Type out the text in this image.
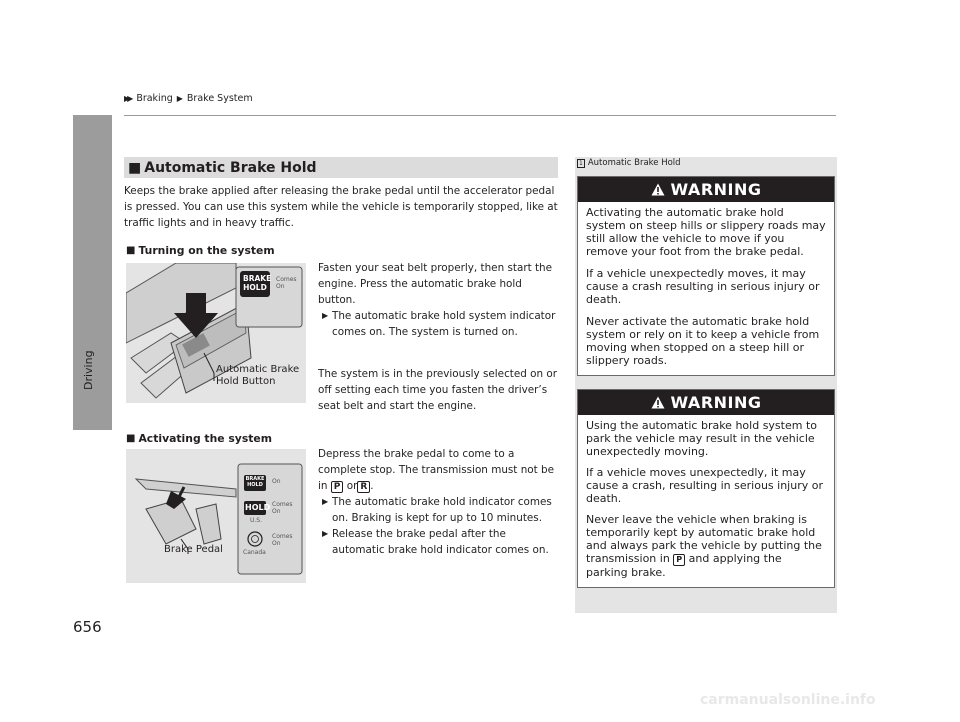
▶▶ Braking ▶ Brake System
Driving
656
■ Automatic Brake Hold
Keeps the brake applied after releasing the brake pedal until the accelerator pedal is pressed. You can use this system while the vehicle is temporarily stopped, like at traffic lights and in heavy traffic.
■ Turning on the system
BRAKE
HOLD
Comes On
Automatic Brake Hold Button
Fasten your seat belt properly, then start the engine. Press the automatic brake hold button.
▶ The automatic brake hold system indicator comes on. The system is turned on.
The system is in the previously selected on or off setting each time you fasten the driver’s seat belt and start the engine.
■ Activating the system
BRAKE
HOLD	On
HOLD Comes On
U.S.
Comes On
Canada
Brake Pedal
Depress the brake pedal to come to a complete stop. The transmission must not be in P or R .
▶ The automatic brake hold indicator comes on. Braking is kept for up to 10 minutes.
▶ Release the brake pedal after the automatic brake hold indicator comes on.
1 Automatic Brake Hold
WARNING

Activating the automatic brake hold system on steep hills or slippery roads may still allow the vehicle to move if you remove your foot from the brake pedal.

If a vehicle unexpectedly moves, it may cause a crash resulting in serious injury or death.

Never activate the automatic brake hold system or rely on it to keep a vehicle from moving when stopped on a steep hill or slippery roads.

WARNING

Using the automatic brake hold system to park the vehicle may result in the vehicle unexpectedly moving.

If a vehicle moves unexpectedly, it may cause a crash, resulting in serious injury or death.

Never leave the vehicle when braking is temporarily kept by automatic brake hold and always park the vehicle by putting the transmission in P and applying the parking brake.

carmanualsonline.info
